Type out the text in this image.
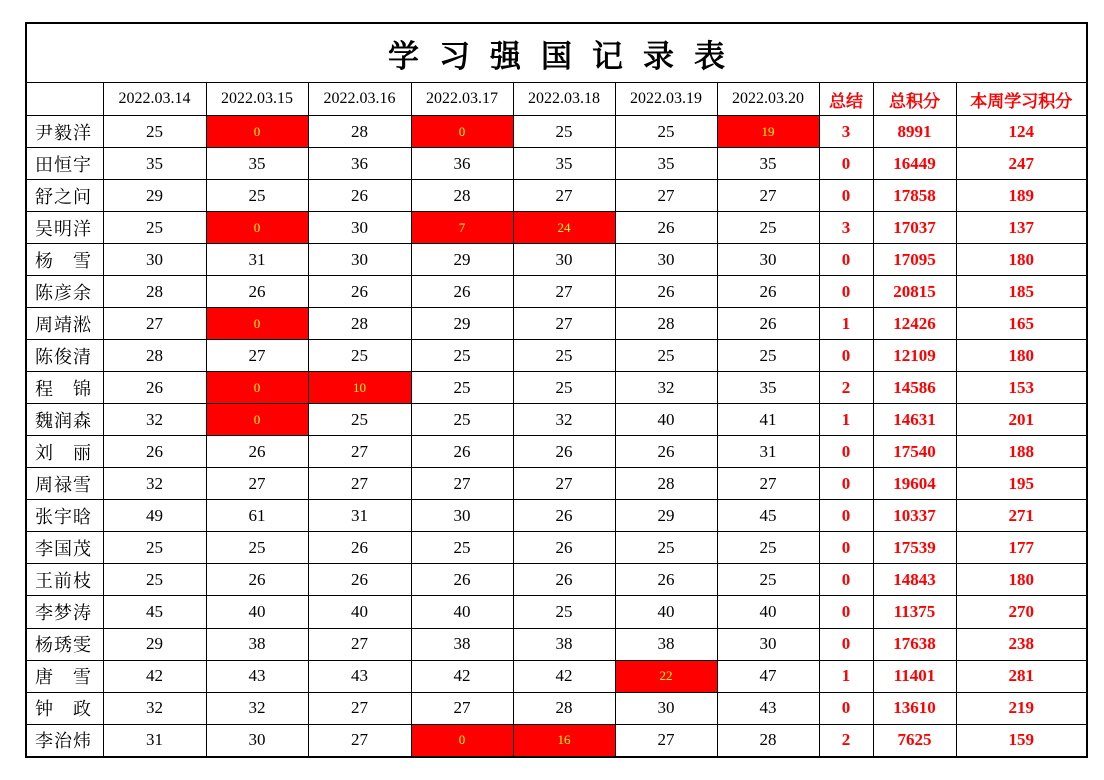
学习强国记录表										
	2022.03.14	2022.03.15	2022.03.16	2022.03.17	2022.03.18	2022.03.19	2022.03.20	总结	总积分	本周学习积分
尹毅洋	25	0	28	0	25	25	19	3	8991	124
田恒宇	35	35	36	36	35	35	35	0	16449	247
舒之问	29	25	26	28	27	27	27	0	17858	189
吴明洋	25	0	30	7	24	26	25	3	17037	137
杨　雪	30	31	30	29	30	30	30	0	17095	180
陈彦余	28	26	26	26	27	26	26	0	20815	185
周靖淞	27	0	28	29	27	28	26	1	12426	165
陈俊清	28	27	25	25	25	25	25	0	12109	180
程　锦	26	0	10	25	25	32	35	2	14586	153
魏润森	32	0	25	25	32	40	41	1	14631	201
刘　丽	26	26	27	26	26	26	31	0	17540	188
周禄雪	32	27	27	27	27	28	27	0	19604	195
张宇晗	49	61	31	30	26	29	45	0	10337	271
李国茂	25	25	26	25	26	25	25	0	17539	177
王前枝	25	26	26	26	26	26	25	0	14843	180
李梦涛	45	40	40	40	25	40	40	0	11375	270
杨琇雯	29	38	27	38	38	38	30	0	17638	238
唐　雪	42	43	43	42	42	22	47	1	11401	281
钟　政	32	32	27	27	28	30	43	0	13610	219
李治炜	31	30	27	0	16	27	28	2	7625	159
